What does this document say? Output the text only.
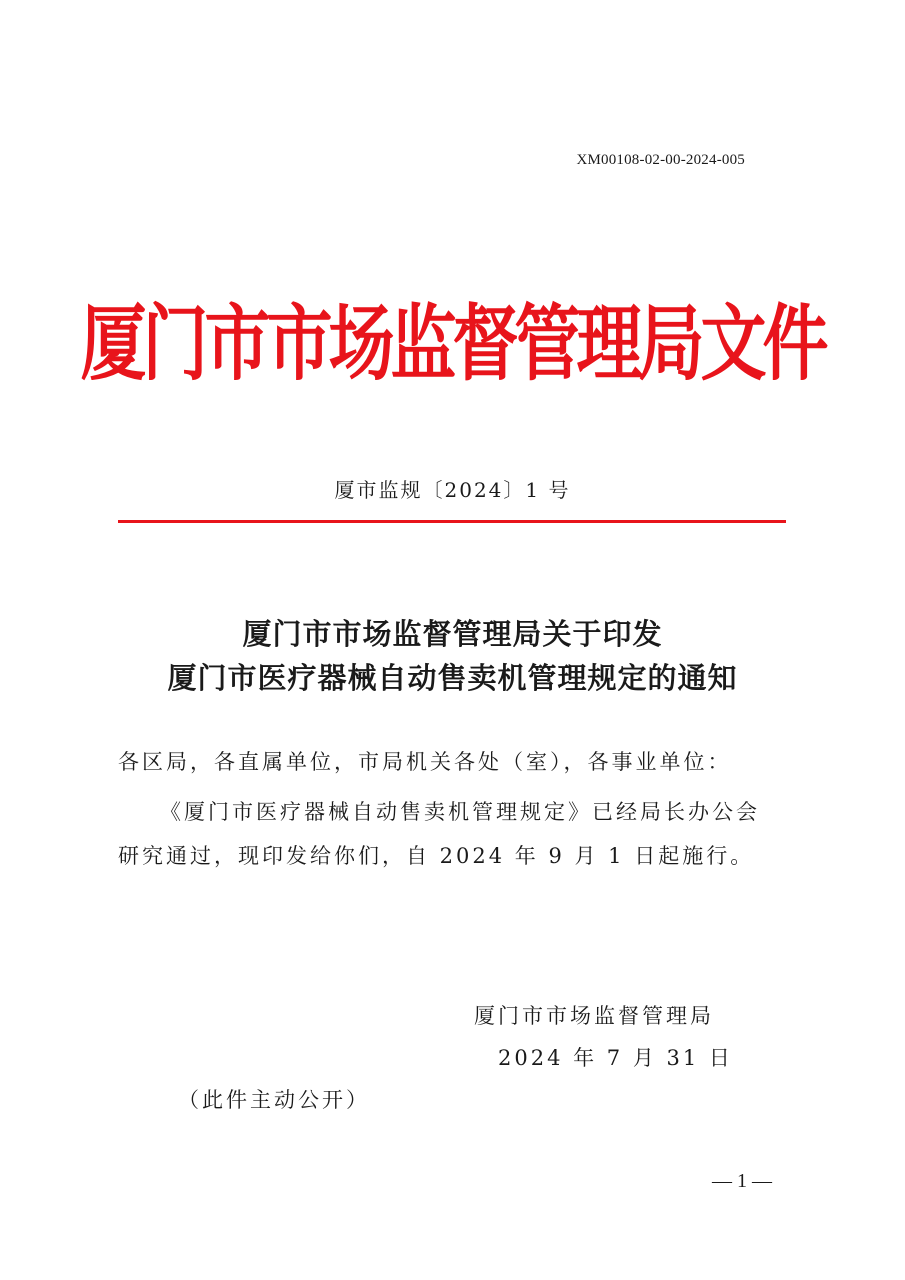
XM00108-02-00-2024-005
厦门市市场监督管理局文件
厦市监规〔2024〕1 号
厦门市市场监督管理局关于印发
厦门市医疗器械自动售卖机管理规定的通知
各区局，各直属单位，市局机关各处（室），各事业单位：
《厦门市医疗器械自动售卖机管理规定》已经局长办公会
研究通过，现印发给你们，自 2024 年 9 月 1 日起施行。
厦门市市场监督管理局
2024 年 7 月 31 日
（此件主动公开）
— 1 —
